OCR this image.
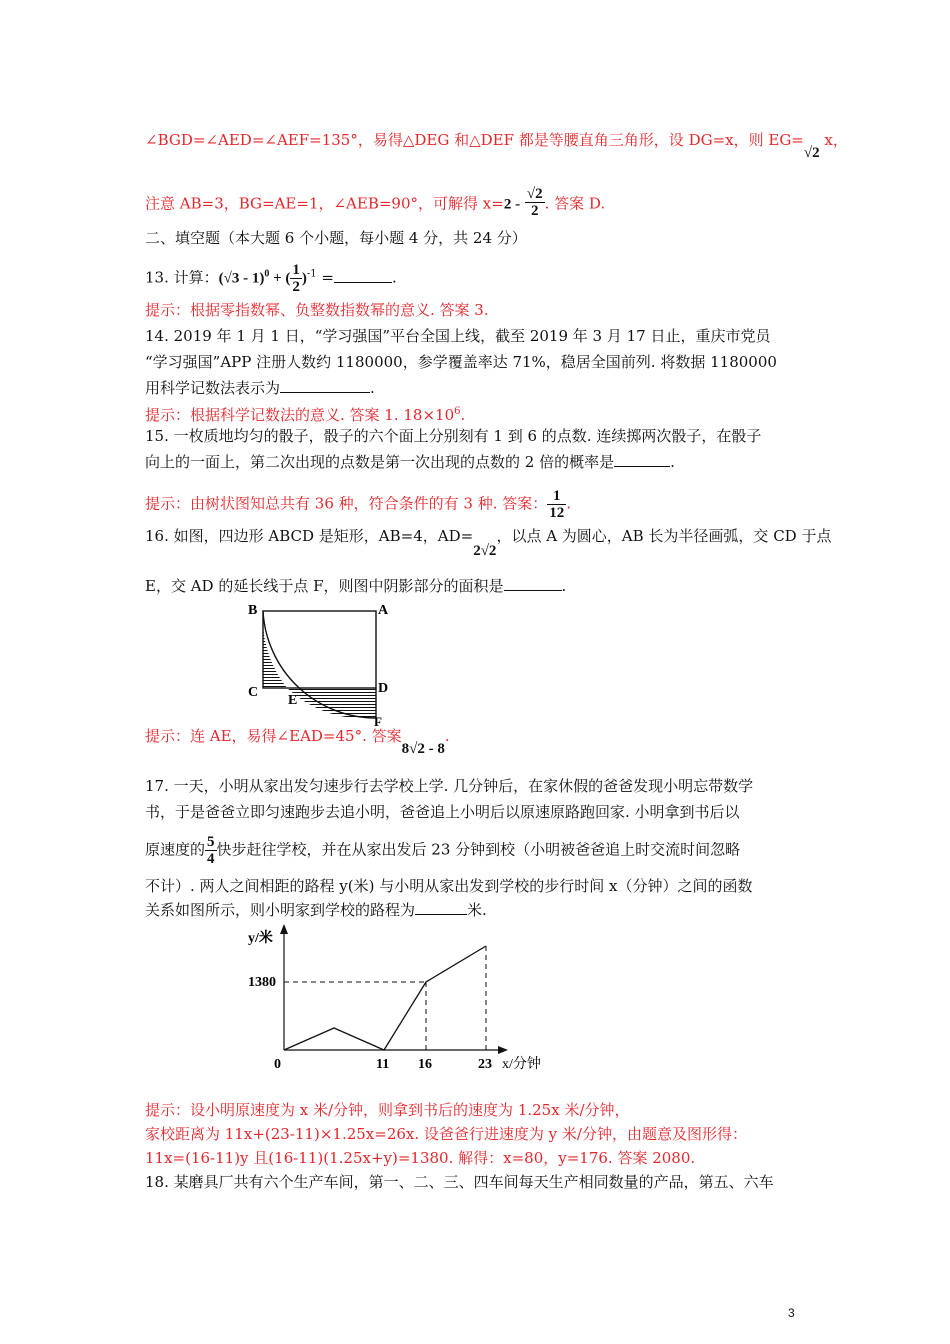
∠BGD=∠AED=∠AEF=135°，易得△DEG 和△DEF 都是等腰直角三角形，设 DG=x，则 EG=√2 x，
注意 AB=3，BG=AE=1，∠AEB=90°，可解得 $x=2 - \frac{√2}{2}$ . 答案 D.
二、填空题（本大题 6 个小题，每小题 4 分，共 24 分）
13. 计算：(√3 - 1)$^0$ + ( $\frac{1}{2} )^{-1}$ =	.
提示：根据零指数幂、负整数指数幂的意义. 答案 3.
14. 2019 年 1 月 1 日，“学习强国”平台全国上线，截至 2019 年 3 月 17 日止，重庆市党员
“学习强国”APP 注册人数约 1180000，参学覆盖率达 71%，稳居全国前列. 将数据 1180000
用科学记数法表示为	.
提示：根据科学记数法的意义. 答案 1. $18\times 10^6$.
15. 一枚质地均匀的骰子，骰子的六个面上分别刻有 1 到 6 的点数. 连续掷两次骰子，在骰子
向上的一面上，第二次出现的点数是第一次出现的点数的 2 倍的概率是	.
提示：由树状图知总共有 36 种，符合条件的有 3 种. 答案： $\frac{1}{12}$ .
16. 如图，四边形 ABCD 是矩形，AB=4，AD=2√2，以点 A 为圆心，AB 长为半径画弧，交 CD 于点
E，交 AD 的延长线于点 F，则图中阴影部分的面积是	.
B	A
C	D
E
F
提示：连 AE，易得∠EAD=45°. 答案8√2 - 8.
17. 一天，小明从家出发匀速步行去学校上学. 几分钟后，在家休假的爸爸发现小明忘带数学
书，于是爸爸立即匀速跑步去追小明，爸爸追上小明后以原速原路跑回家. 小明拿到书后以
原速度的 $\frac{5}{4}$ 快步赶往学校，并在从家出发后 23 分钟到校（小明被爸爸追上时交流时间忽略
不计）. 两人之间相距的路程 y(米) 与小明从家出发到学校的步行时间 x（分钟）之间的函数
关系如图所示，则小明家到学校的路程为	米.
y/米
x/分钟
0
1380
11 16	23
提示：设小明原速度为 x 米/分钟，则拿到书后的速度为 1.25x 米/分钟，
家校距离为 11x+(23-11)×1.25x=26x. 设爸爸行进速度为 y 米/分钟，由题意及图形得：
11x=(16-11)y 且(16-11)(1.25x+y)=1380. 解得：x=80，y=176. 答案 2080.
18. 某磨具厂共有六个生产车间，第一、二、三、四车间每天生产相同数量的产品，第五、六车
3
